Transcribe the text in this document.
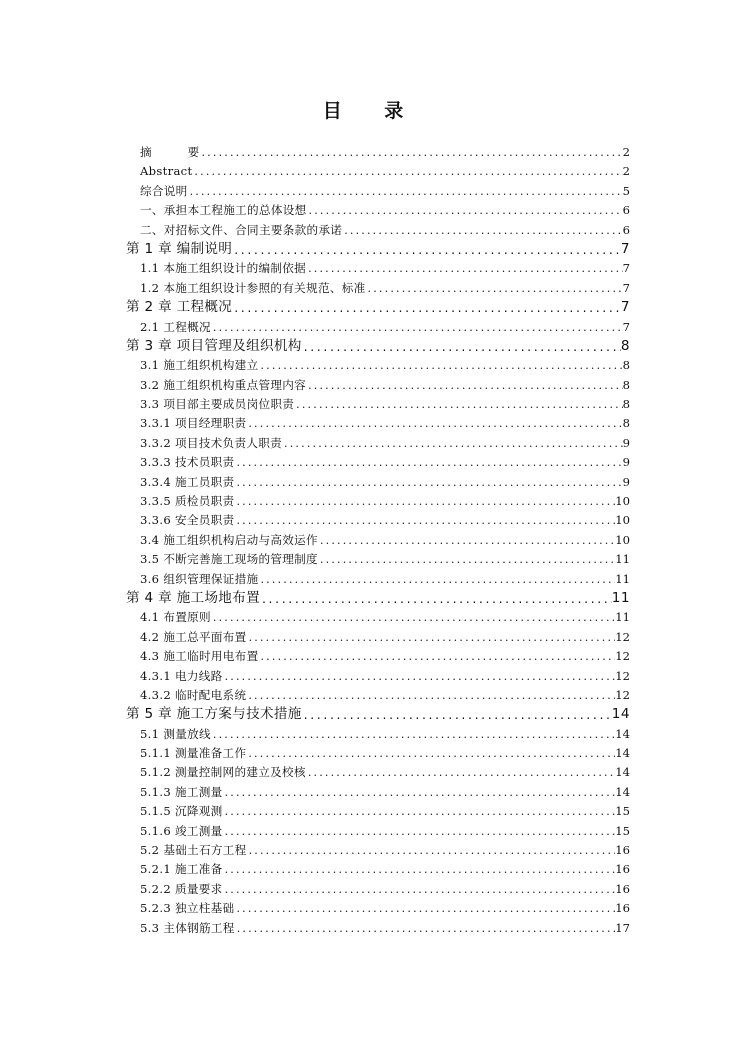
目 录
摘　　　要 .....	2
Abstract .....	2
综合说明 .....	5
一、承担本工程施工的总体设想 .....	6
二、对招标文件、合同主要条款的承诺 .....	6
第 1 章 编制说明 .....	7
1.1 本施工组织设计的编制依据 .....	7
1.2 本施工组织设计参照的有关规范、标准 .....	7
第 2 章 工程概况 .....	7
2.1 工程概况 .....	7
第 3 章 项目管理及组织机构 .....	8
3.1 施工组织机构建立 .....	8
3.2 施工组织机构重点管理内容 .....	8
3.3 项目部主要成员岗位职责 .....	8
3.3.1 项目经理职责 .....	8
3.3.2 项目技术负责人职责 .....	9
3.3.3 技术员职责 .....	9
3.3.4 施工员职责 .....	9
3.3.5 质检员职责 .....	10
3.3.6 安全员职责 .....	10
3.4 施工组织机构启动与高效运作 .....	10
3.5 不断完善施工现场的管理制度 .....	11
3.6 组织管理保证措施 .....	11
第 4 章 施工场地布置 .....	11
4.1 布置原则 .....	11
4.2 施工总平面布置 .....	12
4.3 施工临时用电布置 .....	12
4.3.1 电力线路 .....	12
4.3.2 临时配电系统 .....	12
第 5 章 施工方案与技术措施 .....	14
5.1 测量放线 .....	14
5.1.1 测量准备工作 .....	14
5.1.2 测量控制网的建立及校核 .....	14
5.1.3 施工测量 .....	14
5.1.5 沉降观测 .....	15
5.1.6 竣工测量 .....	15
5.2 基础土石方工程 .....	16
5.2.1 施工准备 .....	16
5.2.2 质量要求 .....	16
5.2.3 独立柱基础 .....	16
5.3 主体钢筋工程 .....	17
